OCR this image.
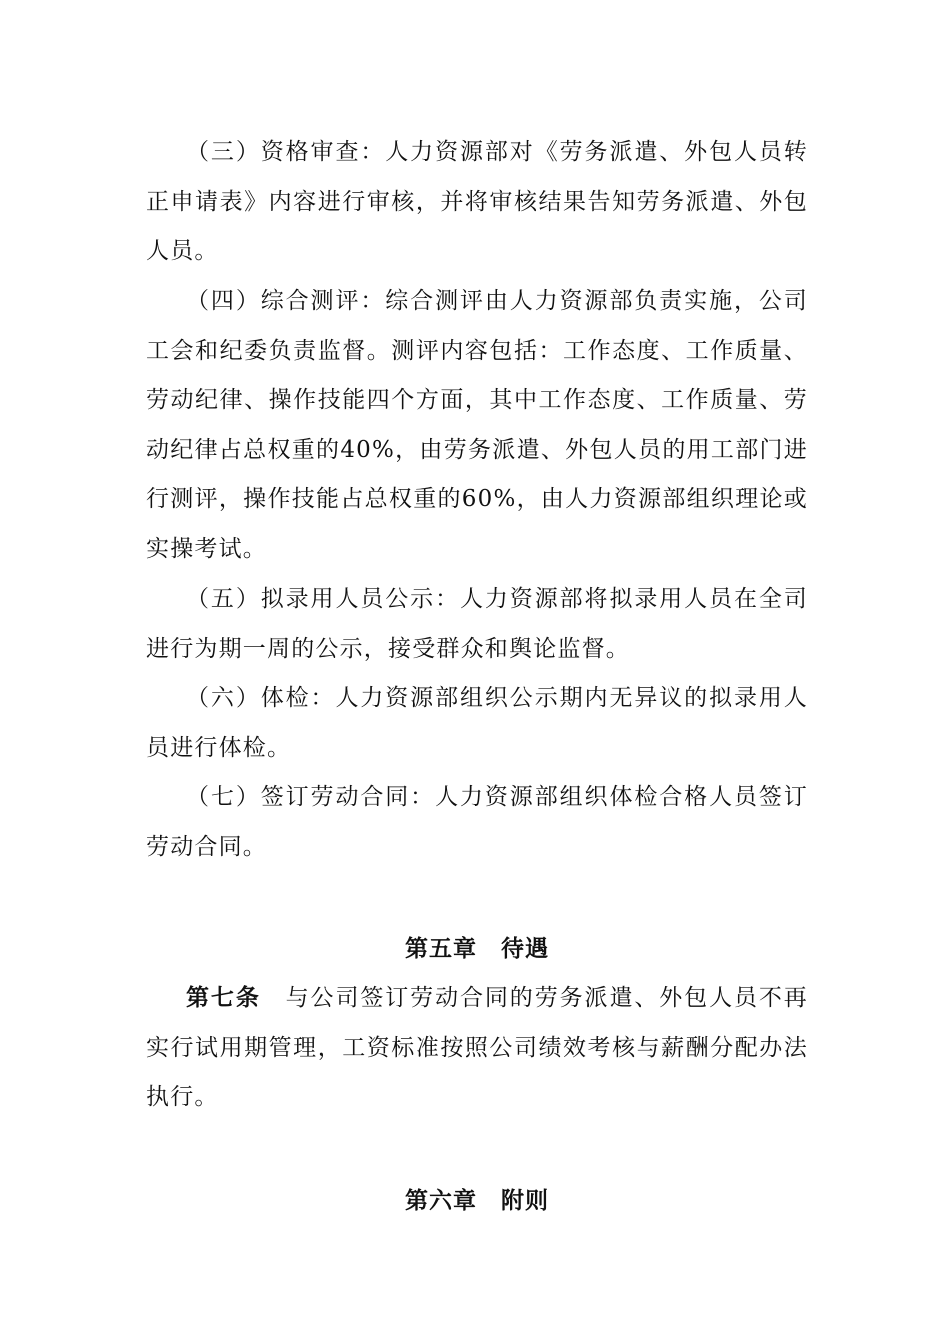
（三）资格审查：人力资源部对《劳务派遣、外包人员转正申请表》内容进行审核，并将审核结果告知劳务派遣、外包人员。

（四）综合测评：综合测评由人力资源部负责实施，公司工会和纪委负责监督。测评内容包括：工作态度、工作质量、劳动纪律、操作技能四个方面，其中工作态度、工作质量、劳动纪律占总权重的40%，由劳务派遣、外包人员的用工部门进行测评，操作技能占总权重的60%，由人力资源部组织理论或实操考试。

（五）拟录用人员公示：人力资源部将拟录用人员在全司进行为期一周的公示，接受群众和舆论监督。

（六）体检：人力资源部组织公示期内无异议的拟录用人员进行体检。

（七）签订劳动合同：人力资源部组织体检合格人员签订劳动合同。

第五章　待遇

第七条　与公司签订劳动合同的劳务派遣、外包人员不再实行试用期管理，工资标准按照公司绩效考核与薪酬分配办法执行。

第六章　附则
